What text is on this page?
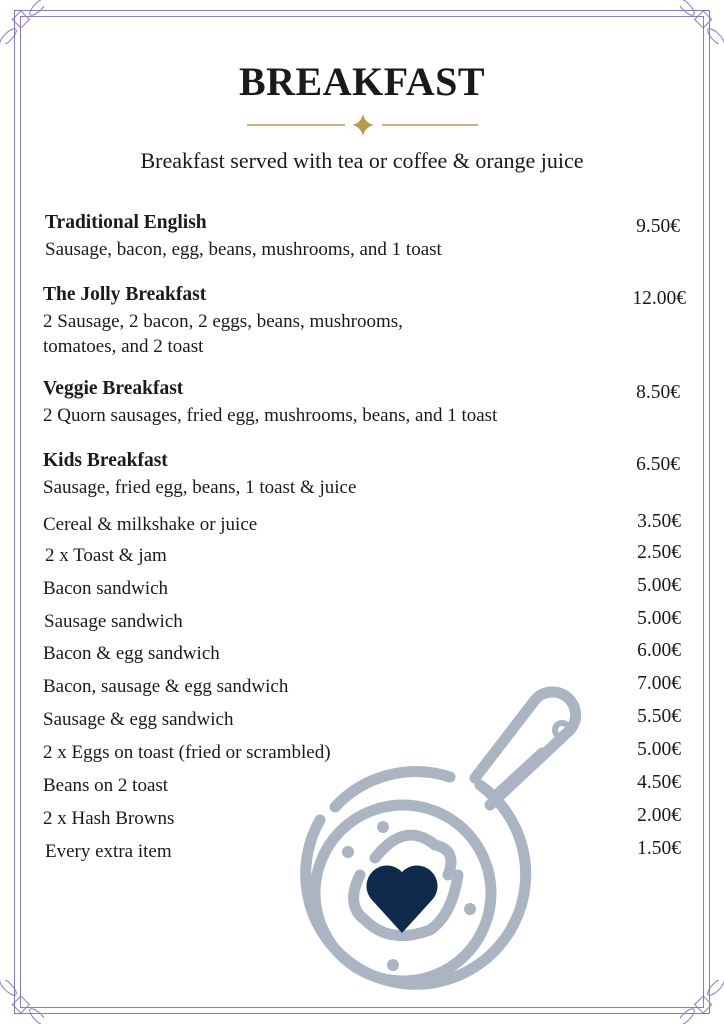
BREAKFAST
Breakfast served with tea or coffee & orange juice
Traditional English
Sausage, bacon, egg, beans, mushrooms, and 1 toast
9.50€
The Jolly Breakfast
2 Sausage, 2 bacon, 2 eggs, beans, mushrooms,
tomatoes, and 2 toast
12.00€
Veggie Breakfast
2 Quorn sausages, fried egg, mushrooms, beans, and 1 toast
8.50€
Kids Breakfast
Sausage, fried egg, beans, 1 toast & juice
6.50€
Cereal & milkshake or juice	3.50€
2 x Toast & jam	2.50€
Bacon sandwich	5.00€
Sausage sandwich	5.00€
Bacon & egg sandwich	6.00€
Bacon, sausage & egg sandwich	7.00€
Sausage & egg sandwich	5.50€
2 x Eggs on toast (fried or scrambled)	5.00€
Beans on 2 toast	4.50€
2 x Hash Browns	2.00€
Every extra item	1.50€
